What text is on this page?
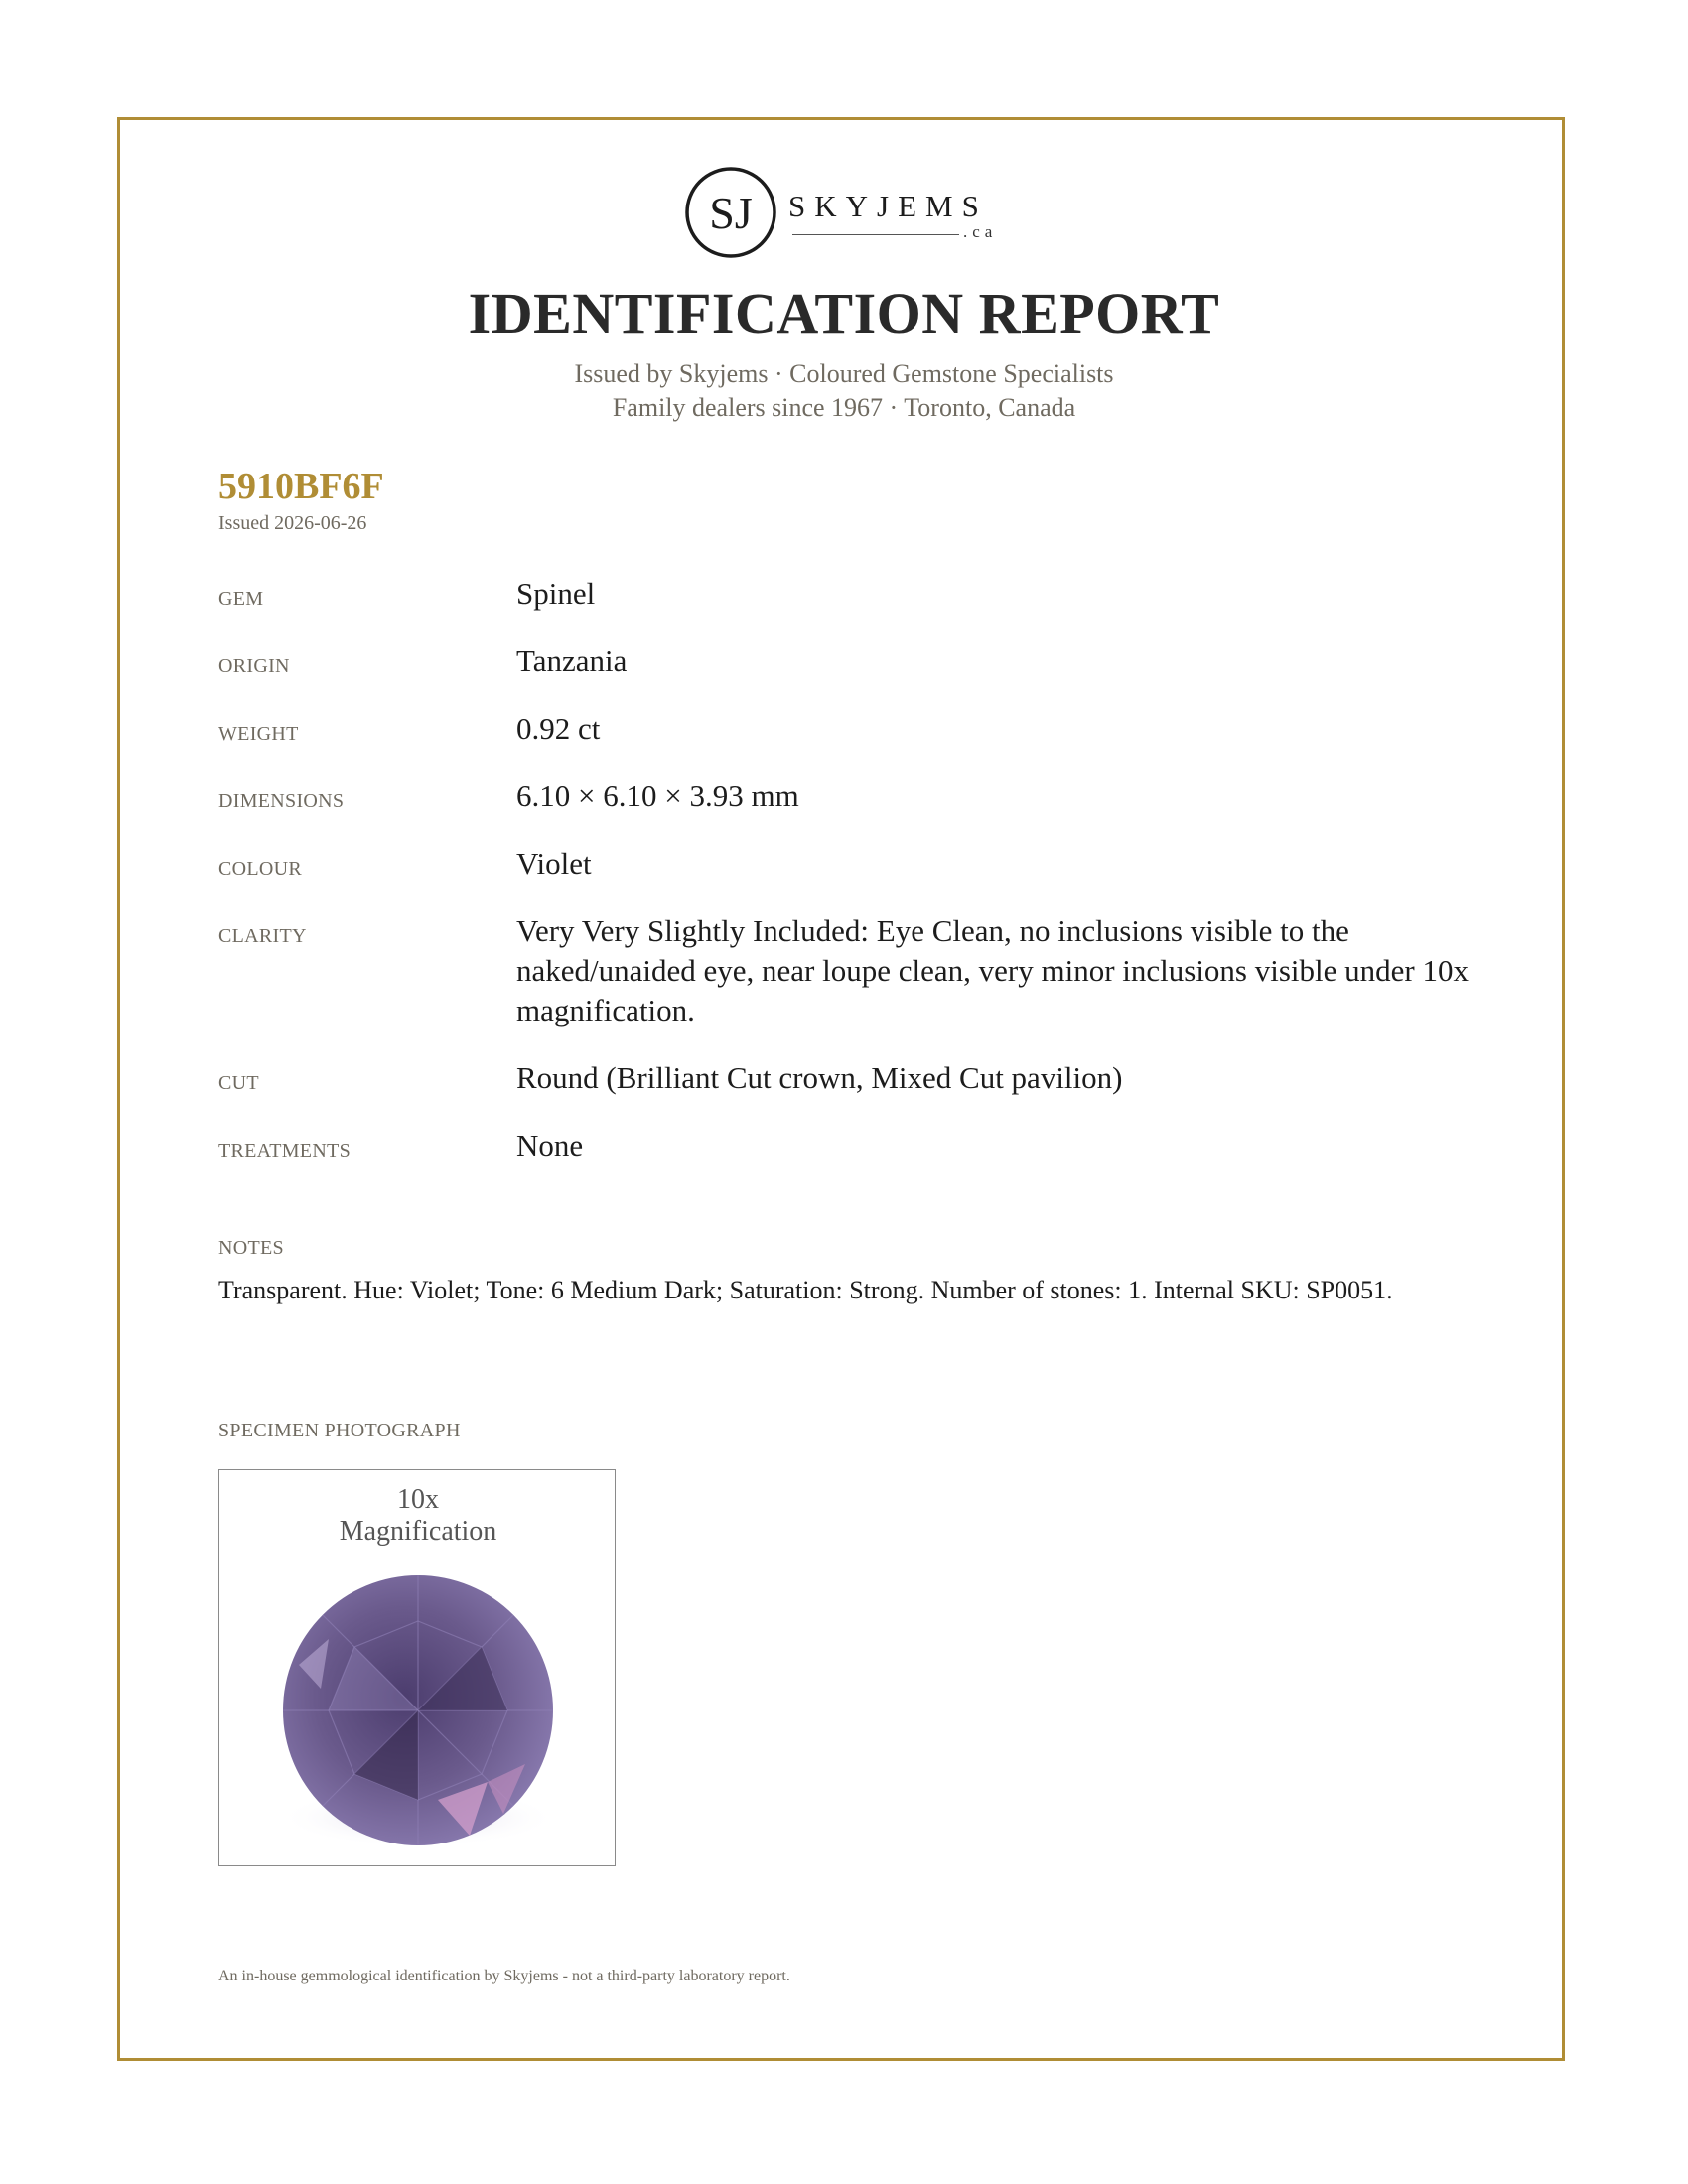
SJ SKYJEMS
.ca
IDENTIFICATION REPORT
Issued by Skyjems · Coloured Gemstone Specialists
Family dealers since 1967 · Toronto, Canada
5910BF6F
Issued 2026-06-26
GEM	Spinel
ORIGIN	Tanzania
WEIGHT	0.92 ct
DIMENSIONS	6.10 × 6.10 × 3.93 mm
COLOUR	Violet
CLARITY	Very Very Slightly Included: Eye Clean, no inclusions visible to the naked/unaided eye, near loupe clean, very minor inclusions visible under 10x magnification.
CUT	Round (Brilliant Cut crown, Mixed Cut pavilion)
TREATMENTS	None
NOTES
Transparent. Hue: Violet; Tone: 6 Medium Dark; Saturation: Strong. Number of stones: 1. Internal SKU: SP0051.
SPECIMEN PHOTOGRAPH
10x
Magnification
An in-house gemmological identification by Skyjems - not a third-party laboratory report.
